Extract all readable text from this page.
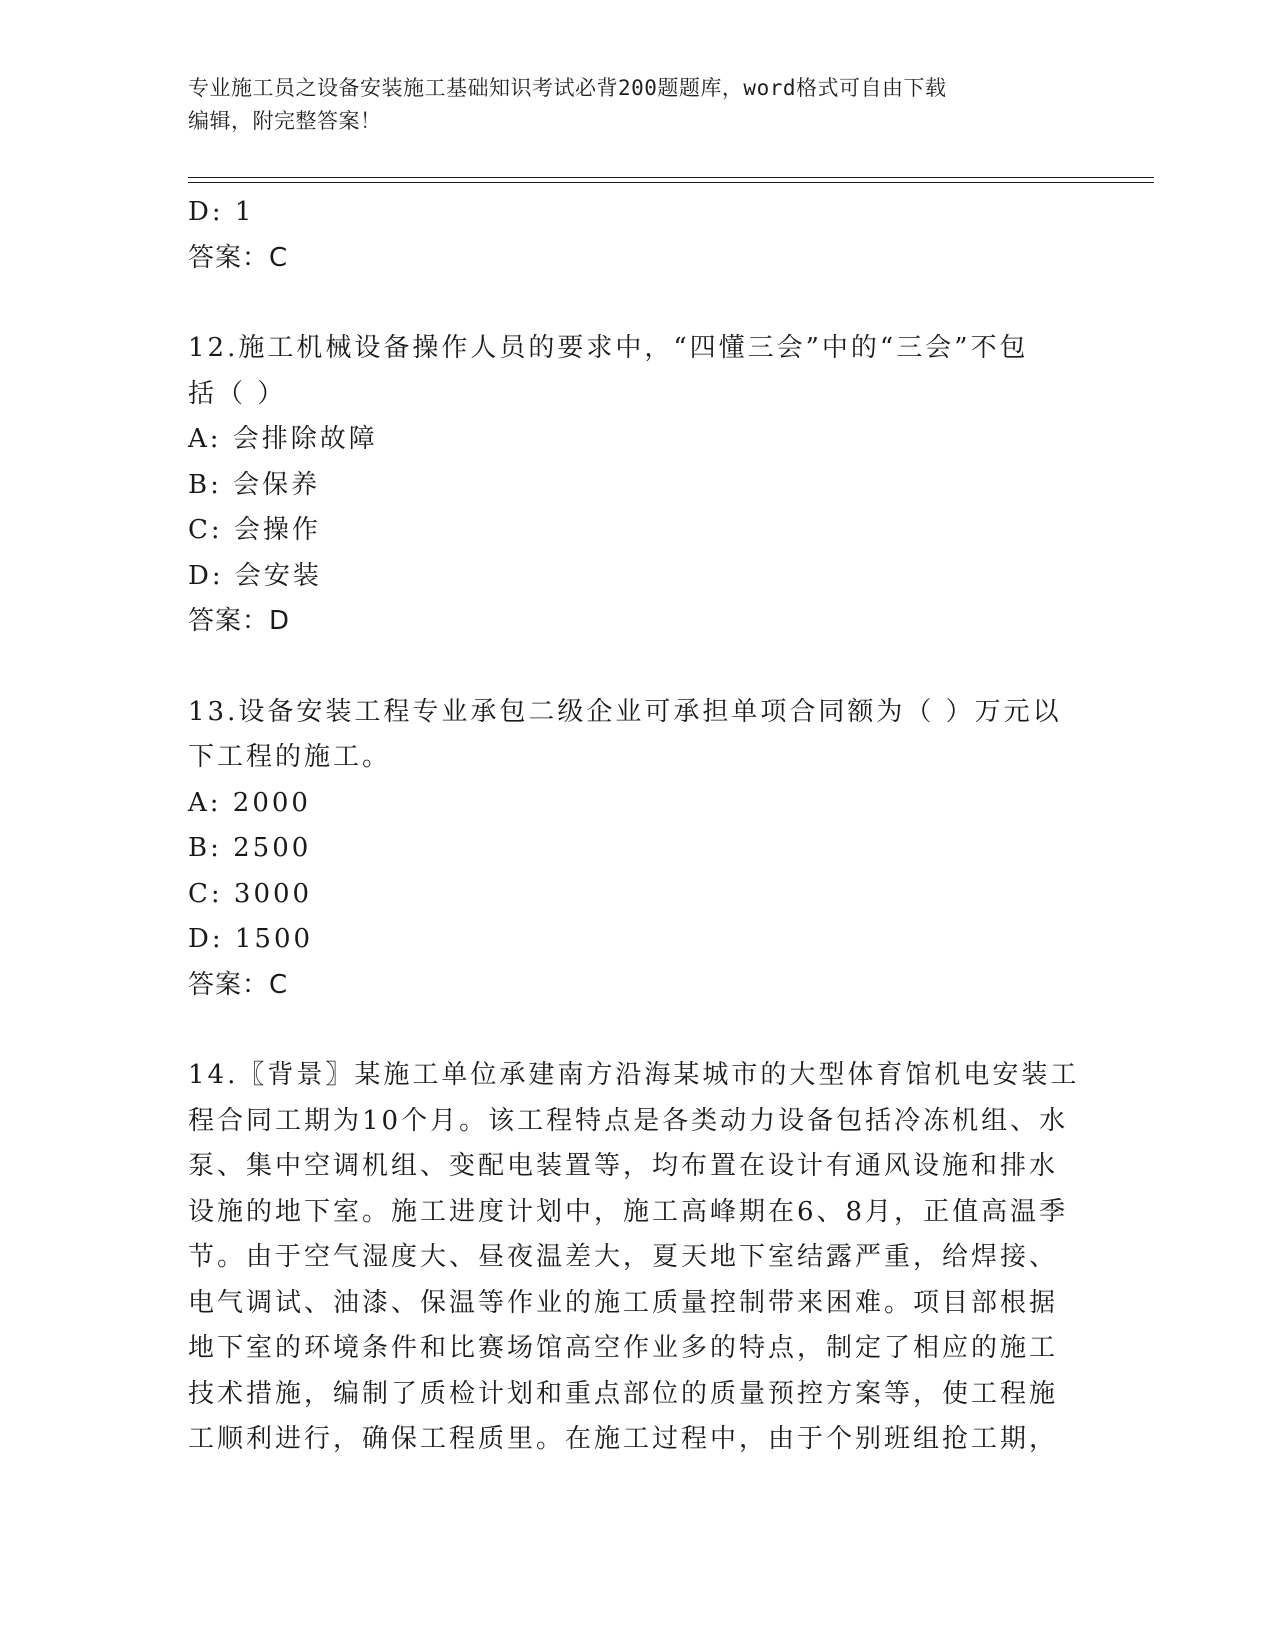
专业施工员之设备安装施工基础知识考试必背200题题库，word格式可自由下载
编辑，附完整答案！
D: 1
答案：C
12.施工机械设备操作人员的要求中，“四懂三会”中的“三会”不包
括（ ）
A: 会排除故障
B: 会保养
C: 会操作
D: 会安装
答案：D
13.设备安装工程专业承包二级企业可承担单项合同额为（ ）万元以
下工程的施工。
A: 2000
B: 2500
C: 3000
D: 1500
答案：C
14.〖背景〗某施工单位承建南方沿海某城市的大型体育馆机电安装工
程合同工期为10个月。该工程特点是各类动力设备包括冷冻机组、水
泵、集中空调机组、变配电装置等，均布置在设计有通风设施和排水
设施的地下室。施工进度计划中，施工高峰期在6、8月，正值高温季
节。由于空气湿度大、昼夜温差大，夏天地下室结露严重，给焊接、
电气调试、油漆、保温等作业的施工质量控制带来困难。项目部根据
地下室的环境条件和比赛场馆高空作业多的特点，制定了相应的施工
技术措施，编制了质检计划和重点部位的质量预控方案等，使工程施
工顺利进行，确保工程质里。在施工过程中，由于个别班组抢工期，
